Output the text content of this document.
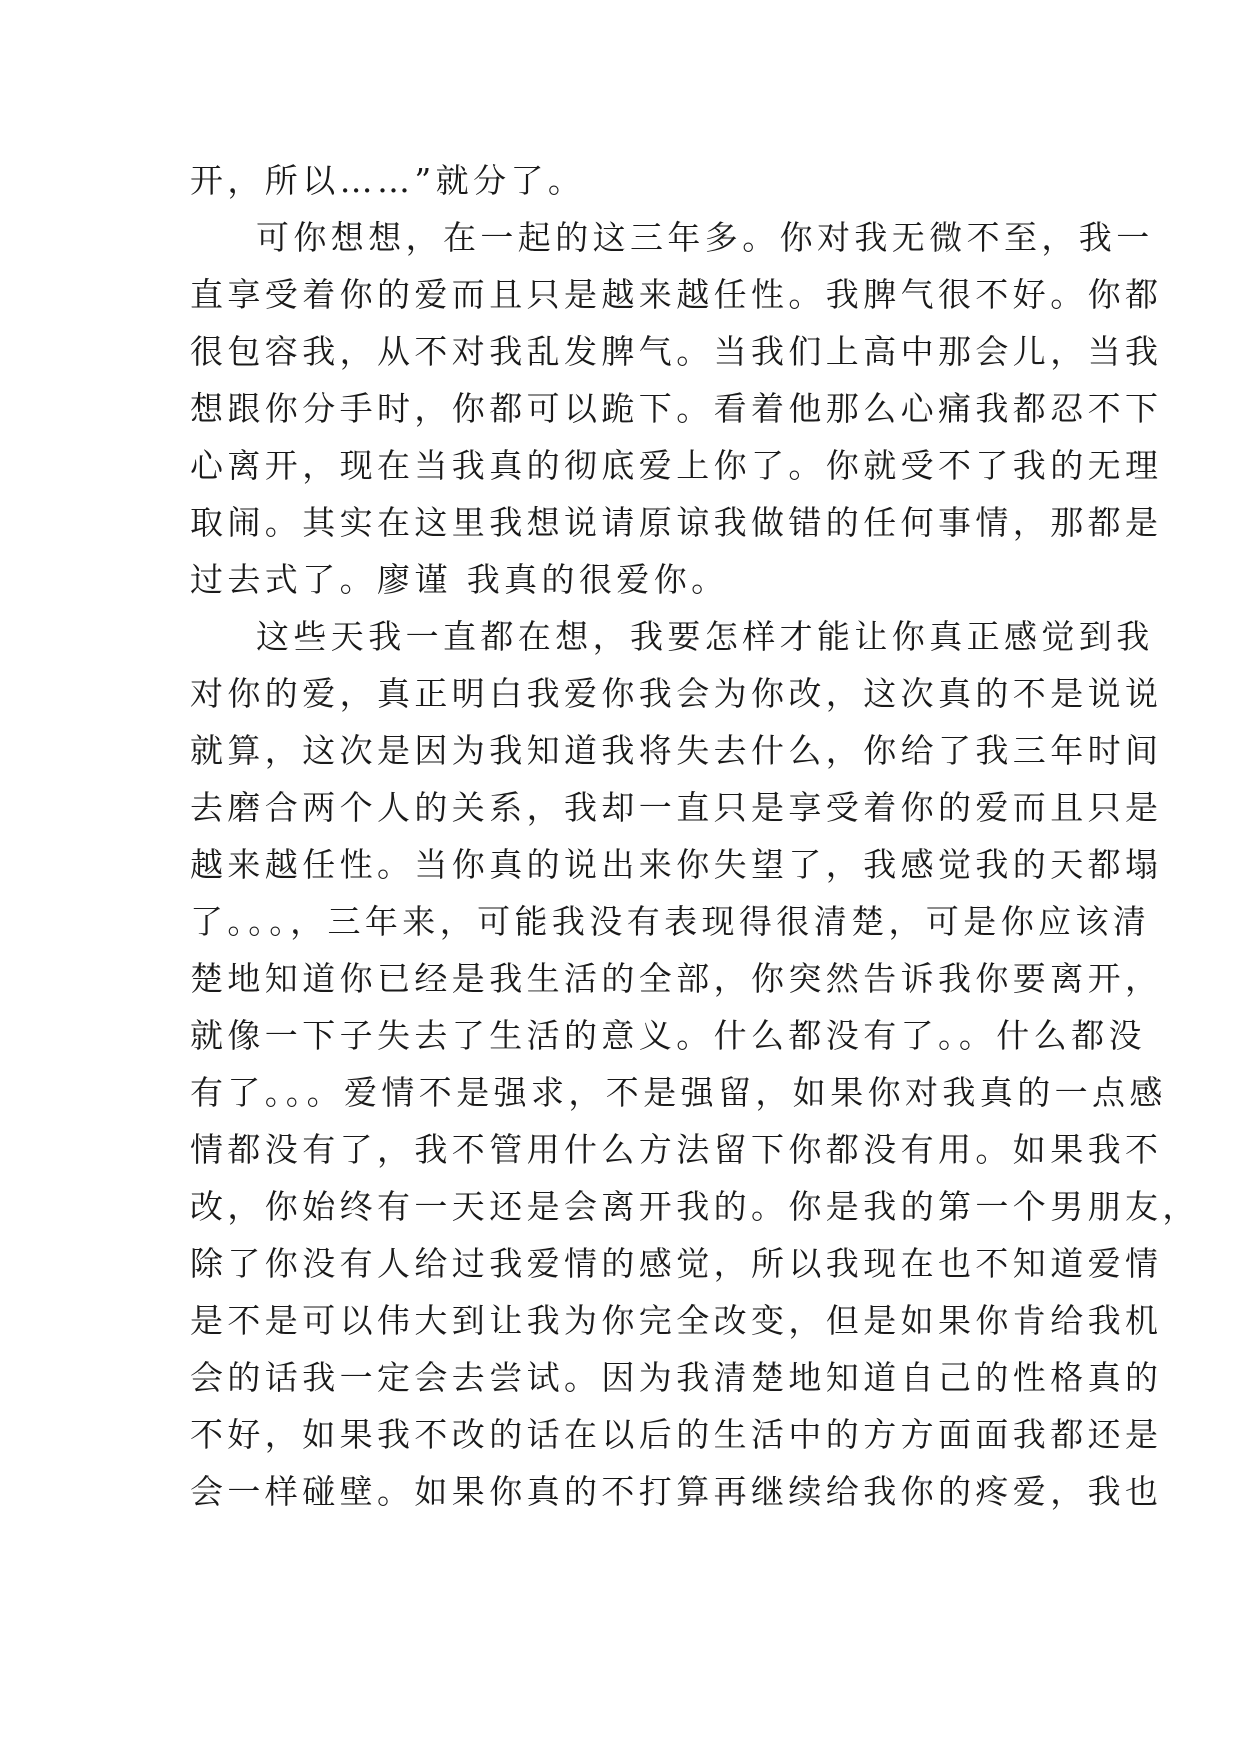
开，所以……”就分了。
可你想想，在一起的这三年多。你对我无微不至，我一
直享受着你的爱而且只是越来越任性。我脾气很不好。你都
很包容我，从不对我乱发脾气。当我们上高中那会儿，当我
想跟你分手时，你都可以跪下。看着他那么心痛我都忍不下
心离开，现在当我真的彻底爱上你了。你就受不了我的无理
取闹。其实在这里我想说请原谅我做错的任何事情，那都是
过去式了。廖谨 我真的很爱你。
这些天我一直都在想，我要怎样才能让你真正感觉到我
对你的爱，真正明白我爱你我会为你改，这次真的不是说说
就算，这次是因为我知道我将失去什么，你给了我三年时间
去磨合两个人的关系，我却一直只是享受着你的爱而且只是
越来越任性。当你真的说出来你失望了，我感觉我的天都塌
了。。。，三年来，可能我没有表现得很清楚，可是你应该清
楚地知道你已经是我生活的全部，你突然告诉我你要离开，
就像一下子失去了生活的意义。什么都没有了。。什么都没
有了。。。爱情不是强求，不是强留，如果你对我真的一点感
情都没有了，我不管用什么方法留下你都没有用。如果我不
改，你始终有一天还是会离开我的。你是我的第一个男朋友，
除了你没有人给过我爱情的感觉，所以我现在也不知道爱情
是不是可以伟大到让我为你完全改变，但是如果你肯给我机
会的话我一定会去尝试。因为我清楚地知道自己的性格真的
不好，如果我不改的话在以后的生活中的方方面面我都还是
会一样碰壁。如果你真的不打算再继续给我你的疼爱，我也
